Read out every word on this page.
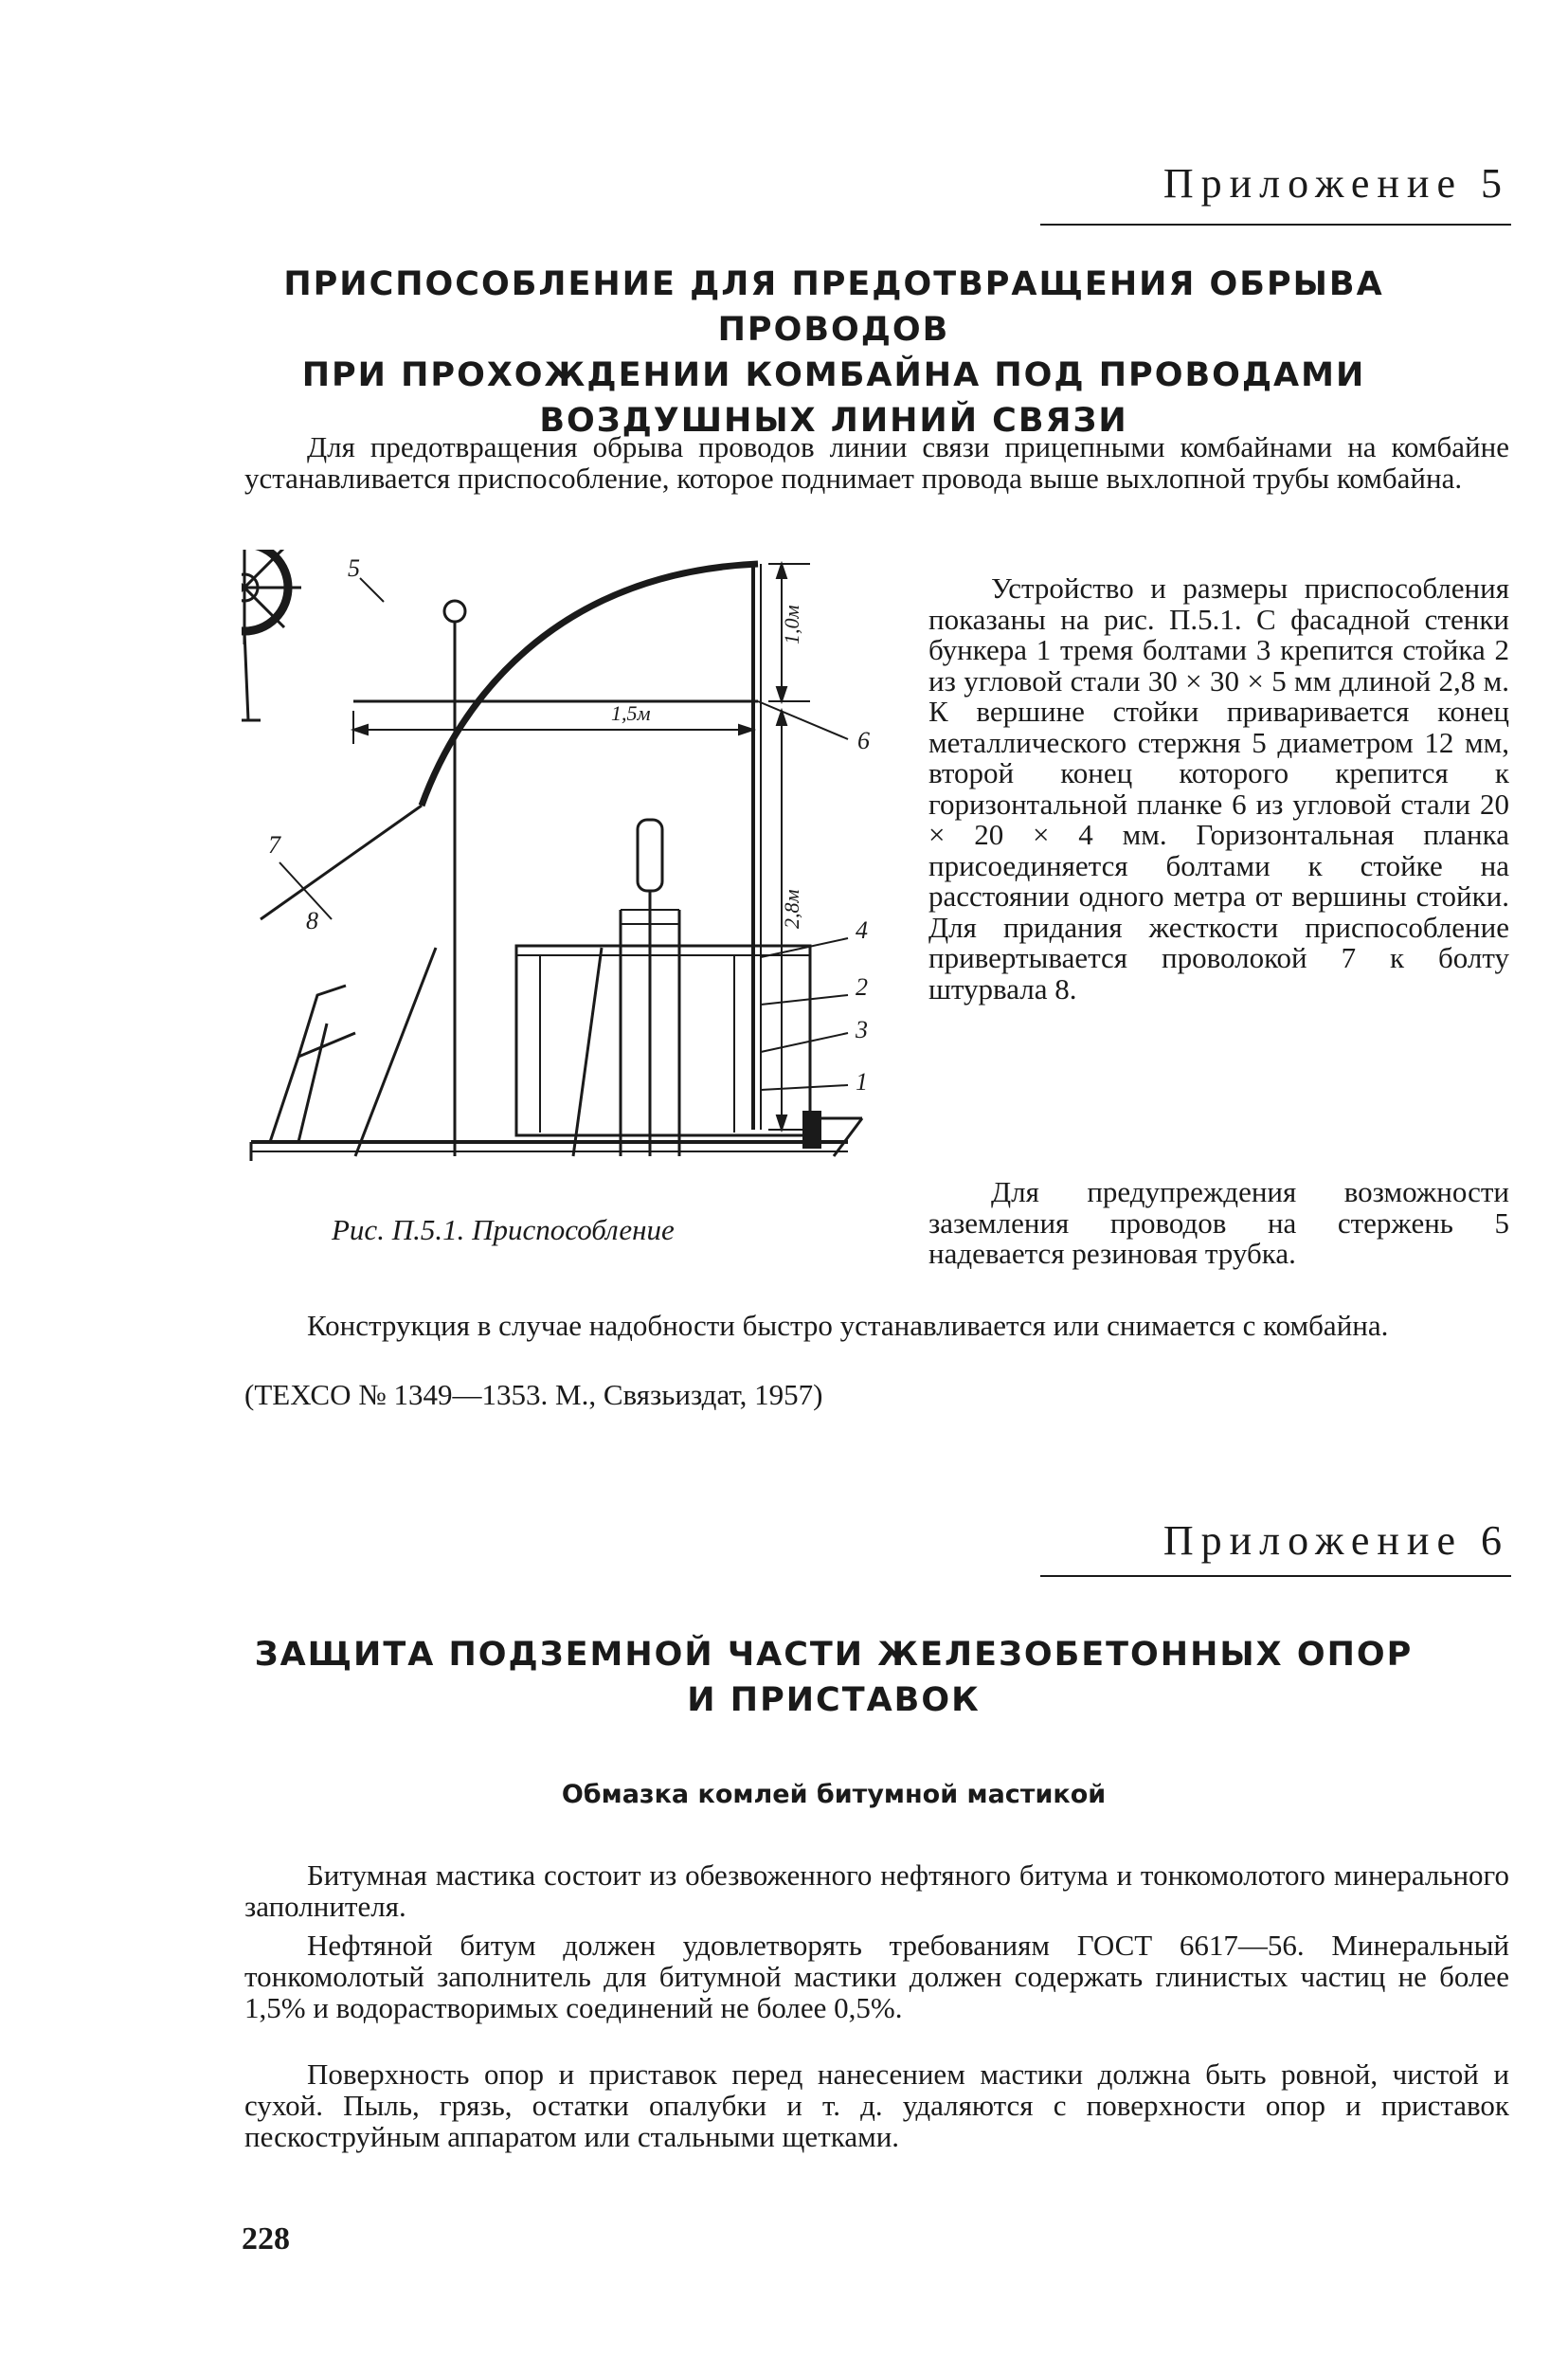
Приложение 5
ПРИСПОСОБЛЕНИЕ ДЛЯ ПРЕДОТВРАЩЕНИЯ ОБРЫВА ПРОВОДОВ
ПРИ ПРОХОЖДЕНИИ КОМБАЙНА ПОД ПРОВОДАМИ
ВОЗДУШНЫХ ЛИНИЙ СВЯЗИ
Для предотвращения обрыва проводов линии связи прицепными комбайнами на комбайне устанавливается приспособление, которое поднимает провода выше выхлопной трубы комбайна.
Устройство и размеры приспособления показаны на рис. П.5.1. С фасадной стенки бункера 1 тремя болтами 3 крепится стойка 2 из угловой стали 30 × 30 × 5 мм длиной 2,8 м. К вершине стойки приваривается конец металлического стержня 5 диаметром 12 мм, второй конец которого крепится к горизонтальной планке 6 из угловой стали 20 × 20 × 4 мм. Горизонтальная планка присоединяется болтами к стойке на расстоянии одного метра от вершины стойки. Для придания жесткости приспособление привертывается проволокой 7 к болту штурвала 8.
Для предупреждения возможности заземления проводов на стержень 5 надевается резиновая трубка.
5
6
7
8	4
2
3
1
1,0м
1,5м
2,8м
Рис. П.5.1. Приспособление
Конструкция в случае надобности быстро устанавливается или снимается с комбайна.
(ТЕХСО № 1349—1353. М., Связьиздат, 1957)
Приложение 6
ЗАЩИТА ПОДЗЕМНОЙ ЧАСТИ ЖЕЛЕЗОБЕТОННЫХ ОПОР
И ПРИСТАВОК
Обмазка комлей битумной мастикой
Битумная мастика состоит из обезвоженного нефтяного битума и тонкомолотого минерального заполнителя.
Нефтяной битум должен удовлетворять требованиям ГОСТ 6617—56. Минеральный тонкомолотый заполнитель для битумной мастики должен содержать глинистых частиц не более 1,5% и водорастворимых соединений не более 0,5%.
Поверхность опор и приставок перед нанесением мастики должна быть ровной, чистой и сухой. Пыль, грязь, остатки опалубки и т. д. удаляются с поверхности опор и приставок пескоструйным аппаратом или стальными щетками.
228
